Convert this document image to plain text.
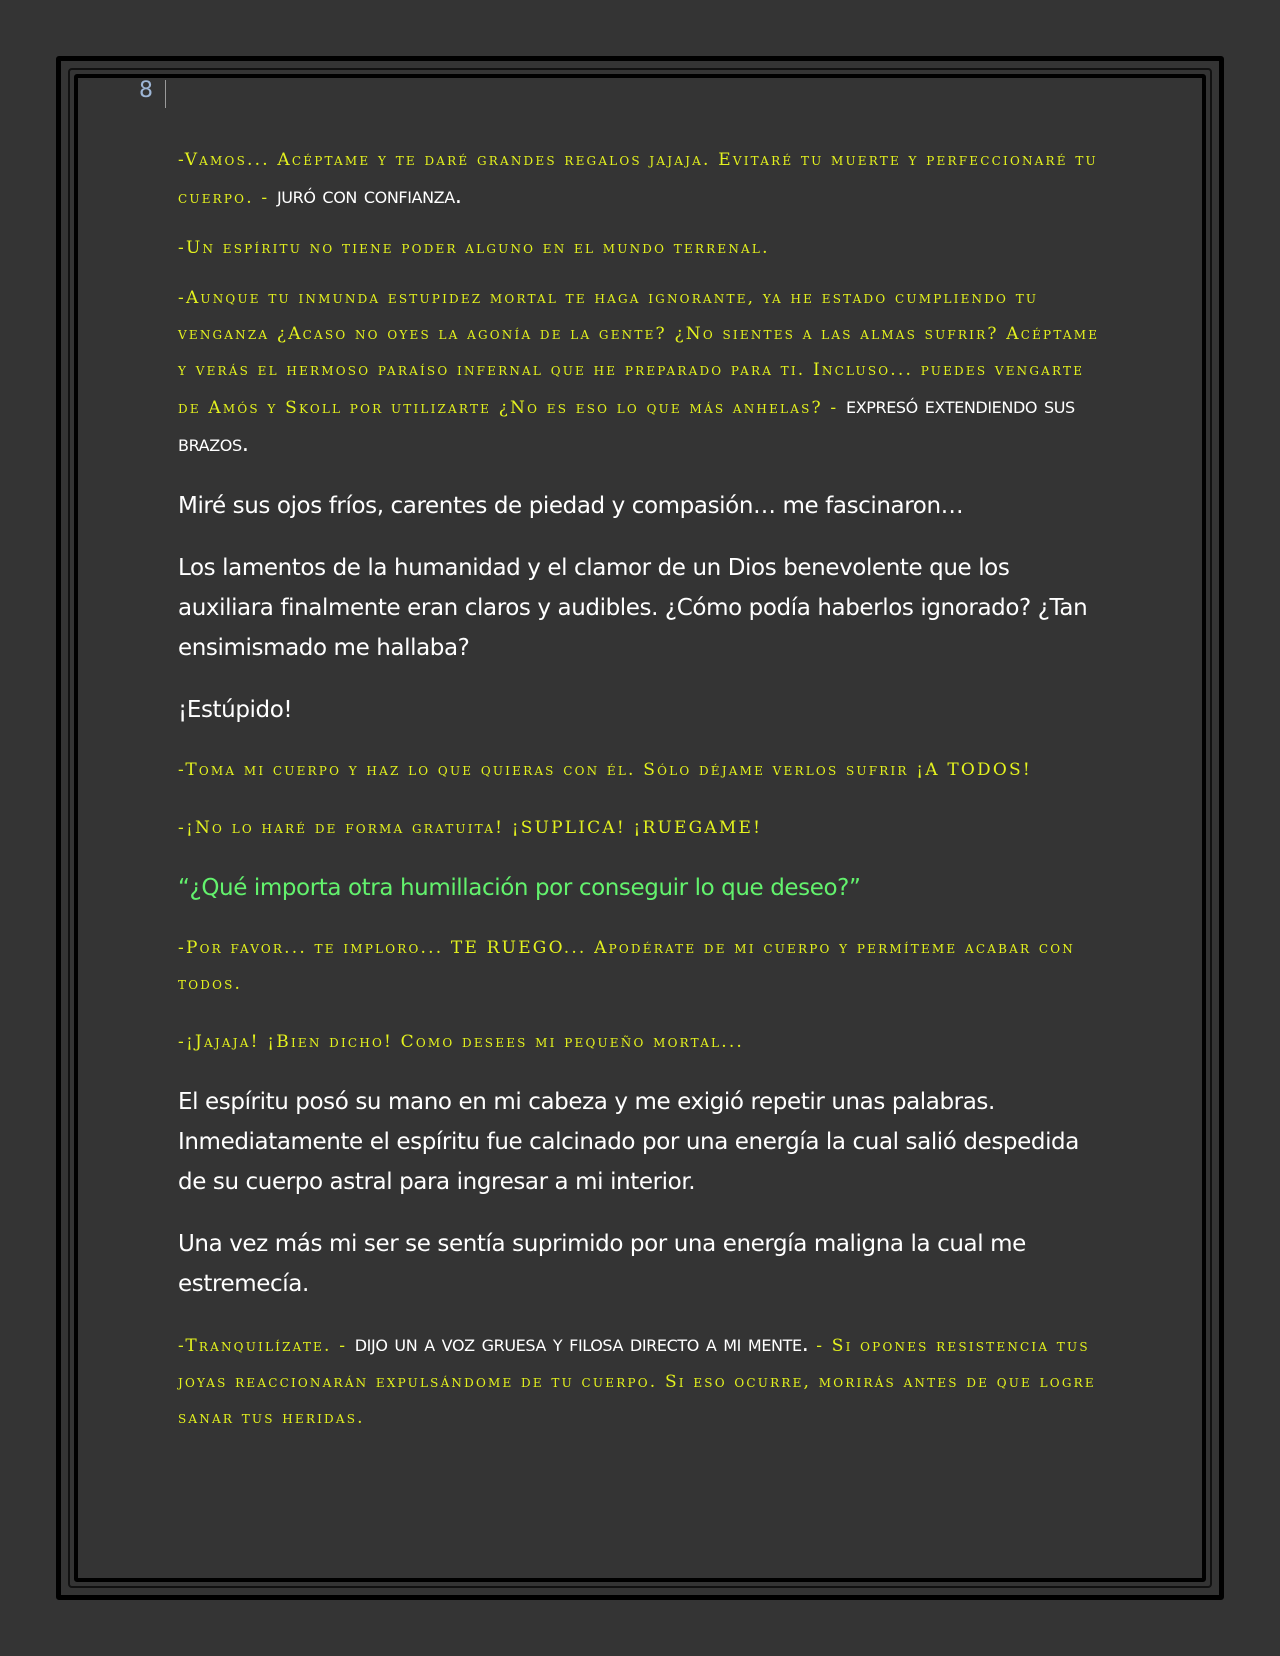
8

-Vamos... Acéptame y te daré grandes regalos jajaja. Evitaré tu muerte y perfeccionaré tu cuerpo. - juró con confianza.

-Un espíritu no tiene poder alguno en el mundo terrenal.

-Aunque tu inmunda estupidez mortal te haga ignorante, ya he estado cumpliendo tu venganza ¿Acaso no oyes la agonía de la gente? ¿No sientes a las almas sufrir? Acéptame y verás el hermoso paraíso infernal que he preparado para ti. Incluso... puedes vengarte de Amós y Skoll por utilizarte ¿No es eso lo que más anhelas? - expresó extendiendo sus brazos.

Miré sus ojos fríos, carentes de piedad y compasión… me fascinaron…

Los lamentos de la humanidad y el clamor de un Dios benevolente que los auxiliara finalmente eran claros y audibles. ¿Cómo podía haberlos ignorado? ¿Tan ensimismado me hallaba?

¡Estúpido!

-Toma mi cuerpo y haz lo que quieras con él. Sólo déjame verlos sufrir ¡A TODOS!

-¡No lo haré de forma gratuita! ¡SUPLICA! ¡RUEGAME!

“¿Qué importa otra humillación por conseguir lo que deseo?”

-Por favor... te imploro... TE RUEGO... Apodérate de mi cuerpo y permíteme acabar con todos.

-¡Jajaja! ¡Bien dicho! Como desees mi pequeño mortal...

El espíritu posó su mano en mi cabeza y me exigió repetir unas palabras. Inmediatamente el espíritu fue calcinado por una energía la cual salió despedida de su cuerpo astral para ingresar a mi interior.

Una vez más mi ser se sentía suprimido por una energía maligna la cual me estremecía.

-Tranquilízate. - dijo un a voz gruesa y filosa directo a mi mente. - Si opones resistencia tus joyas reaccionarán expulsándome de tu cuerpo. Si eso ocurre, morirás antes de que logre sanar tus heridas.
